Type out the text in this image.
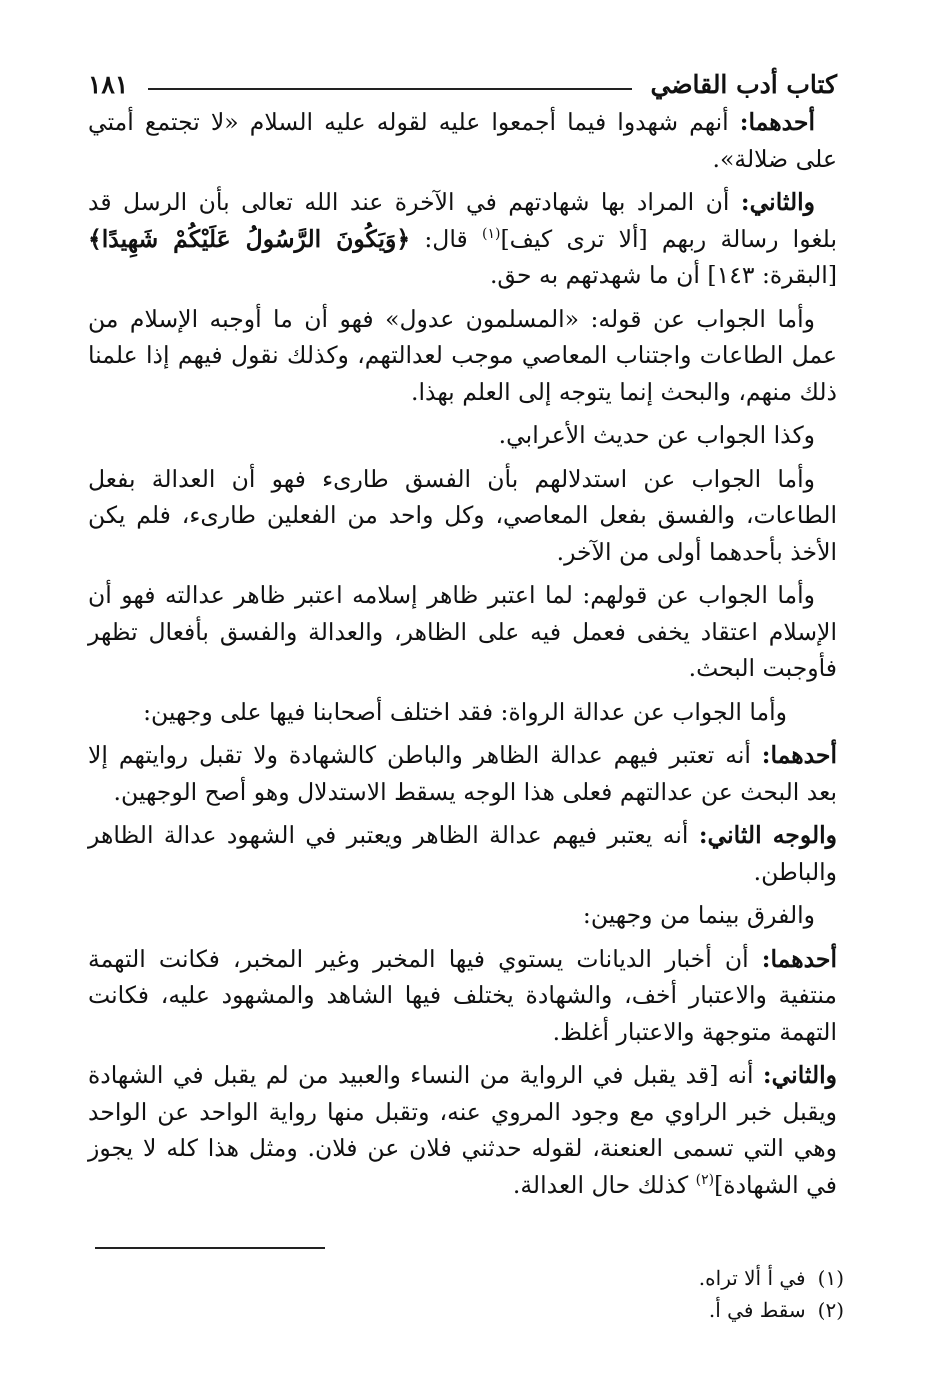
كتاب أدب القاضي
١٨١

أحدهما: أنهم شهدوا فيما أجمعوا عليه لقوله عليه السلام «لا تجتمع أمتي على ضلالة».

والثاني: أن المراد بها شهادتهم في الآخرة عند الله تعالى بأن الرسل قد بلغوا رسالة ربهم [ألا ترى كيف]$^{(١)}$ قال: ﴿وَيَكُونَ الرَّسُولُ عَلَيْكُمْ شَهِيدًا﴾ [البقرة: ١٤٣] أن ما شهدتهم به حق.

وأما الجواب عن قوله: «المسلمون عدول» فهو أن ما أوجبه الإسلام من عمل الطاعات واجتناب المعاصي موجب لعدالتهم، وكذلك نقول فيهم إذا علمنا ذلك منهم، والبحث إنما يتوجه إلى العلم بهذا.

وكذا الجواب عن حديث الأعرابي.

وأما الجواب عن استدلالهم بأن الفسق طارىء فهو أن العدالة بفعل الطاعات، والفسق بفعل المعاصي، وكل واحد من الفعلين طارىء، فلم يكن الأخذ بأحدهما أولى من الآخر.

وأما الجواب عن قولهم: لما اعتبر ظاهر إسلامه اعتبر ظاهر عدالته فهو أن الإسلام اعتقاد يخفى فعمل فيه على الظاهر، والعدالة والفسق بأفعال تظهر فأوجبت البحث.

وأما الجواب عن عدالة الرواة: فقد اختلف أصحابنا فيها على وجهين:

أحدهما: أنه تعتبر فيهم عدالة الظاهر والباطن كالشهادة ولا تقبل روايتهم إلا بعد البحث عن عدالتهم فعلى هذا الوجه يسقط الاستدلال وهو أصح الوجهين.

والوجه الثاني: أنه يعتبر فيهم عدالة الظاهر ويعتبر في الشهود عدالة الظاهر والباطن.

والفرق بينما من وجهين:

أحدهما: أن أخبار الديانات يستوي فيها المخبر وغير المخبر، فكانت التهمة منتفية والاعتبار أخف، والشهادة يختلف فيها الشاهد والمشهود عليه، فكانت التهمة متوجهة والاعتبار أغلظ.

والثاني: أنه [قد يقبل في الرواية من النساء والعبيد من لم يقبل في الشهادة ويقبل خبر الراوي مع وجود المروي عنه، وتقبل منها رواية الواحد عن الواحد وهي التي تسمى العنعنة، لقوله حدثني فلان عن فلان. ومثل هذا كله لا يجوز في الشهادة]$^{(٢)}$ كذلك حال العدالة.

(١)في أ ألا تراه.
(٢)سقط في أ.
